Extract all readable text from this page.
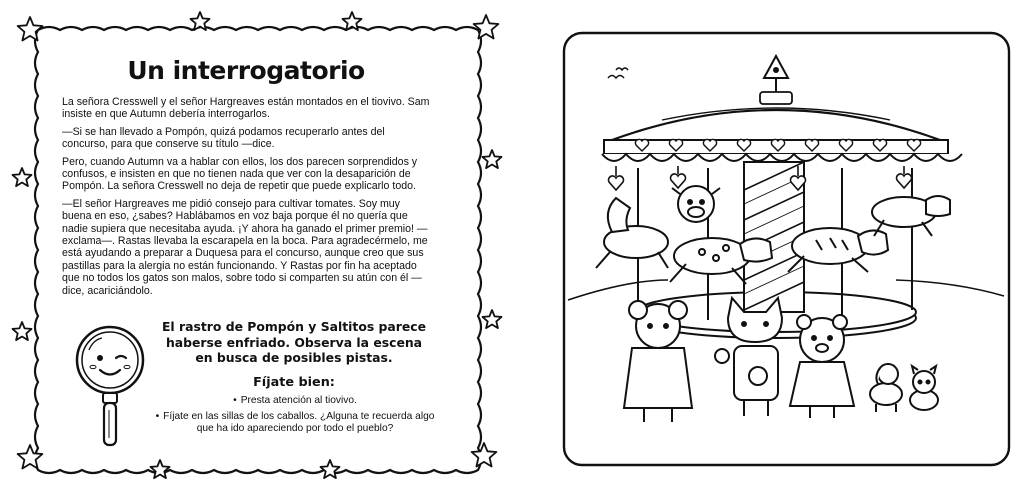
Un interrogatorio

La señora Cresswell y el señor Hargreaves están montados en el tiovivo. Sam insiste en que Autumn debería interrogarlos.

—Si se han llevado a Pompón, quizá podamos recuperarlo antes del concurso, para que conserve su título —dice.

Pero, cuando Autumn va a hablar con ellos, los dos parecen sorprendidos y confusos, e insisten en que no tienen nada que ver con la desaparición de Pompón. La señora Cresswell no deja de repetir que puede explicarlo todo.

—El señor Hargreaves me pidió consejo para cultivar tomates. Soy muy buena en eso, ¿sabes? Hablábamos en voz baja porque él no quería que nadie supiera que necesitaba ayuda. ¡Y ahora ha ganado el primer premio! —exclama—. Rastas llevaba la escarapela en la boca. Para agradecérmelo, me está ayudando a preparar a Duquesa para el concurso, aunque creo que sus pastillas para la alergia no están funcionando. Y Rastas por fin ha aceptado que no todos los gatos son malos, sobre todo si comparten su atún con él —dice, acariciándolo.

El rastro de Pompón y Saltitos parece haberse enfriado. Observa la escena en busca de posibles pistas.
Fíjate bien:
• Presta atención al tiovivo.
• Fíjate en las sillas de los caballos. ¿Alguna te recuerda algo que ha ido apareciendo por todo el pueblo?
